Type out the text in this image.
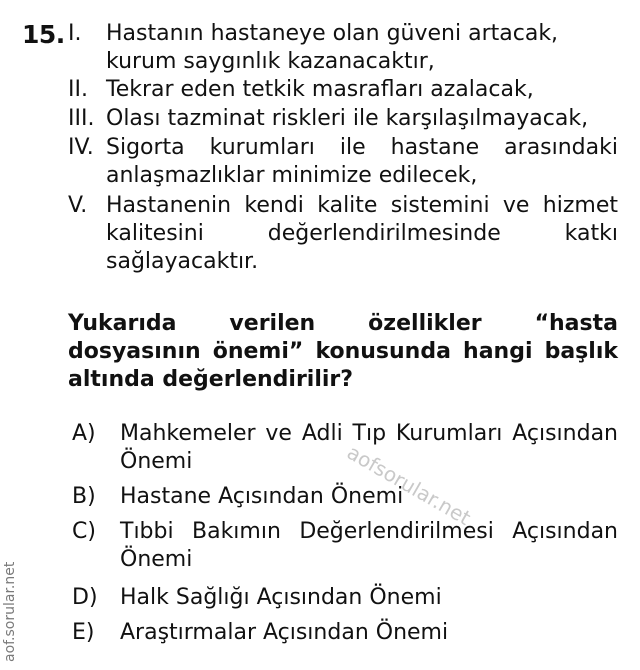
15. I.	Hastanın hastaneye olan güveni artacak,
kurum saygınlık kazanacaktır,
II. Tekrar eden tetkik masrafları azalacak,
III. Olası tazminat riskleri ile karşılaşılmayacak,
IV. Sigorta kurumları ile hastane arasındaki
anlaşmazlıklar minimize edilecek,
V. Hastanenin kendi kalite sistemini ve hizmet
kalitesini değerlendirilmesinde katkı
sağlayacaktır.
Yukarıda verilen özellikler “hasta dosyasının önemi” konusunda hangi başlık altında değerlendirilir?
A)	Mahkemeler ve Adli Tıp Kurumları Açısından Önemi
B)	Hastane Açısından Önemi
C)	Tıbbi Bakımın Değerlendirilmesi Açısından Önemi
D)	Halk Sağlığı Açısından Önemi
E)	Araştırmalar Açısından Önemi
aofsorular.net
aof.sorular.net
